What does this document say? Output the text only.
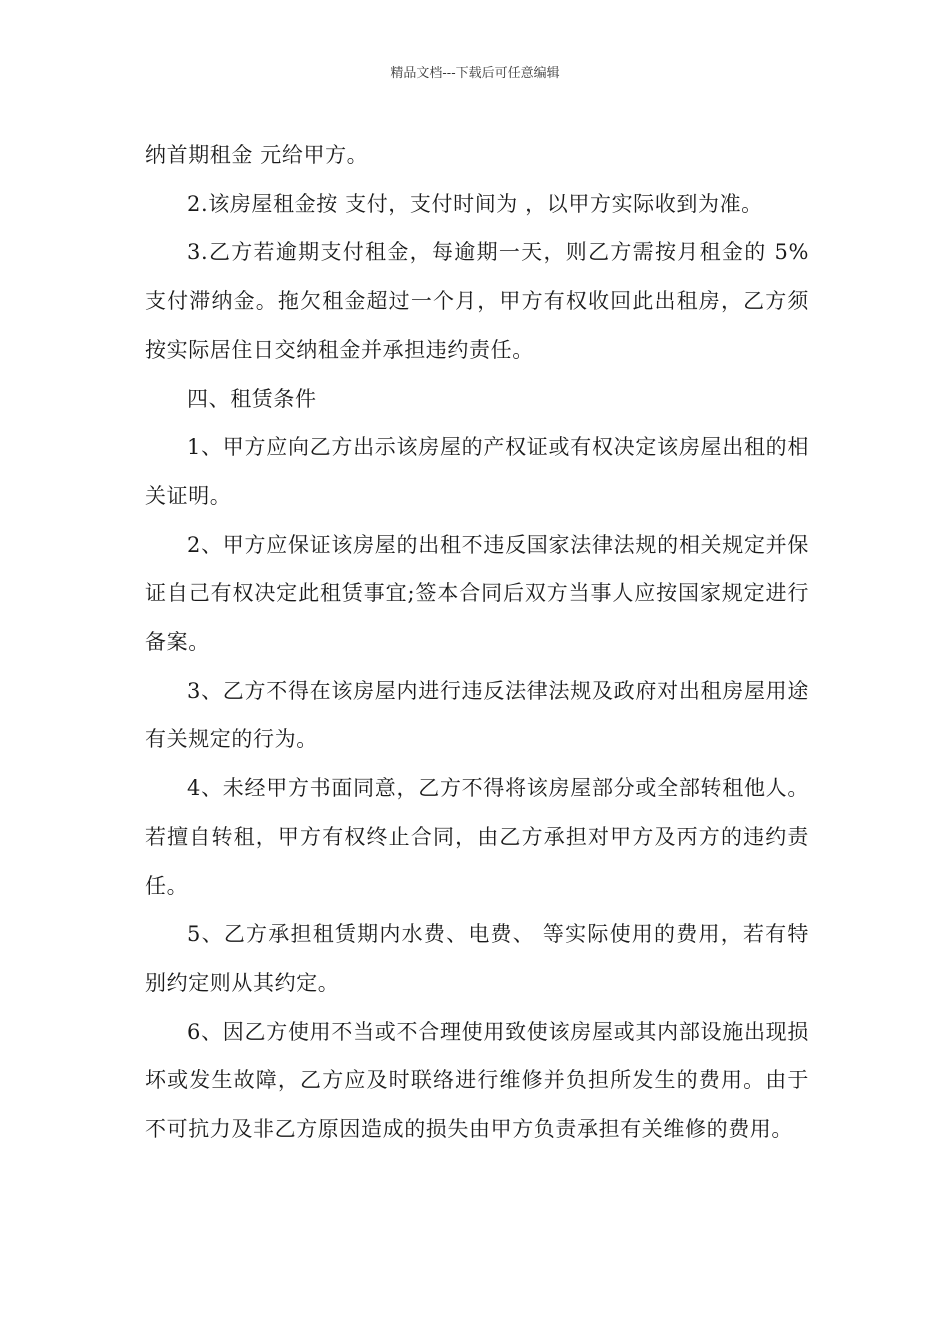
精品文档---下载后可任意编辑

纳首期租金 元给甲方。

2.该房屋租金按 支付，支付时间为 ，以甲方实际收到为准。

3.乙方若逾期支付租金，每逾期一天，则乙方需按月租金的 5%支付滞纳金。拖欠租金超过一个月，甲方有权收回此出租房，乙方须按实际居住日交纳租金并承担违约责任。

四、租赁条件

1、甲方应向乙方出示该房屋的产权证或有权决定该房屋出租的相关证明。

2、甲方应保证该房屋的出租不违反国家法律法规的相关规定并保证自己有权决定此租赁事宜;签本合同后双方当事人应按国家规定进行备案。

3、乙方不得在该房屋内进行违反法律法规及政府对出租房屋用途有关规定的行为。

4、未经甲方书面同意，乙方不得将该房屋部分或全部转租他人。若擅自转租，甲方有权终止合同，由乙方承担对甲方及丙方的违约责任。

5、乙方承担租赁期内水费、电费、 等实际使用的费用，若有特别约定则从其约定。

6、因乙方使用不当或不合理使用致使该房屋或其内部设施出现损坏或发生故障，乙方应及时联络进行维修并负担所发生的费用。由于不可抗力及非乙方原因造成的损失由甲方负责承担有关维修的费用。
